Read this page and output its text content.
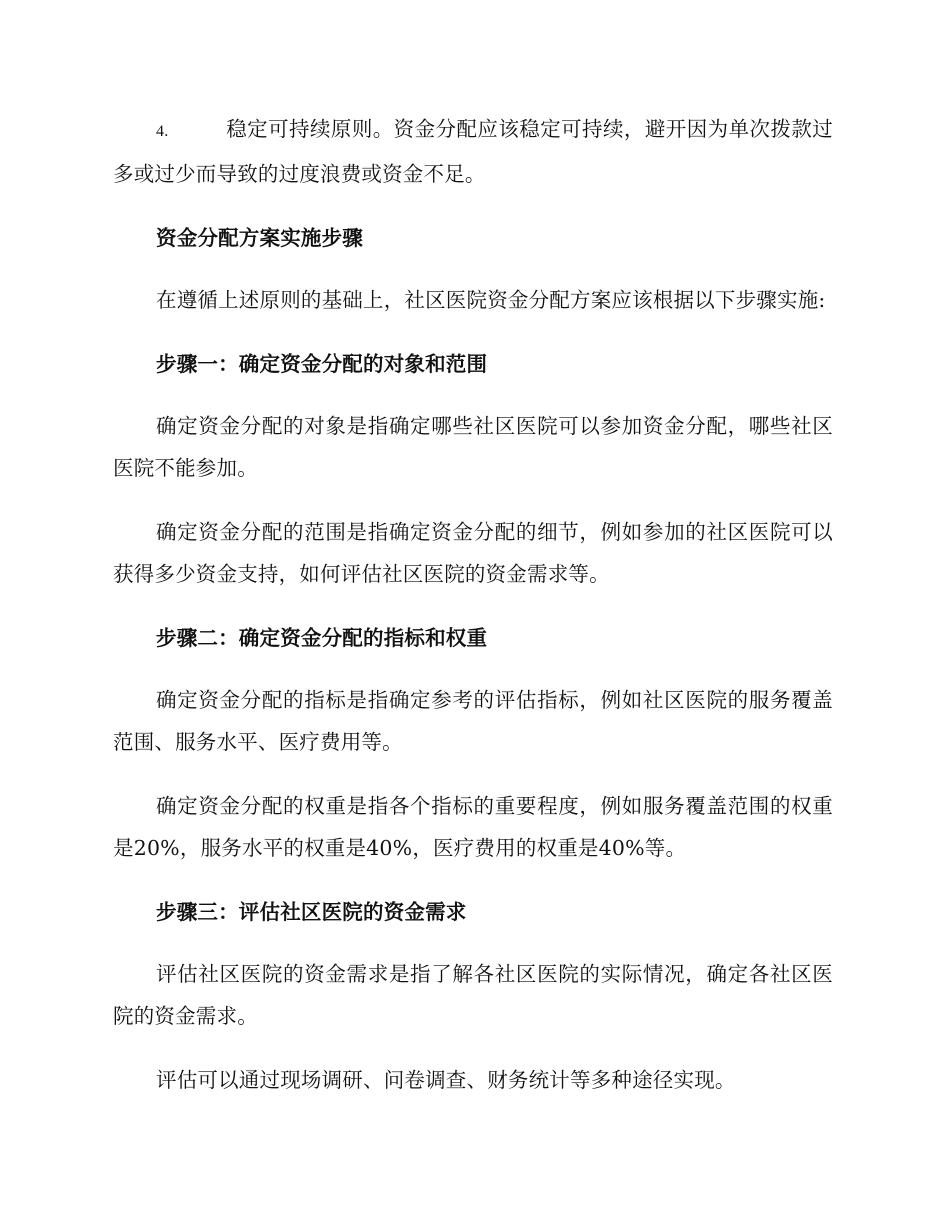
4.	稳定可持续原则。资金分配应该稳定可持续，避开因为单次拨款过多或过少而导致的过度浪费或资金不足。

资金分配方案实施步骤

在遵循上述原则的基础上，社区医院资金分配方案应该根据以下步骤实施:

步骤一：确定资金分配的对象和范围

确定资金分配的对象是指确定哪些社区医院可以参加资金分配，哪些社区医院不能参加。

确定资金分配的范围是指确定资金分配的细节，例如参加的社区医院可以获得多少资金支持，如何评估社区医院的资金需求等。

步骤二：确定资金分配的指标和权重

确定资金分配的指标是指确定参考的评估指标，例如社区医院的服务覆盖范围、服务水平、医疗费用等。

确定资金分配的权重是指各个指标的重要程度，例如服务覆盖范围的权重是20%，服务水平的权重是40%，医疗费用的权重是40%等。

步骤三：评估社区医院的资金需求

评估社区医院的资金需求是指了解各社区医院的实际情况，确定各社区医院的资金需求。

评估可以通过现场调研、问卷调查、财务统计等多种途径实现。
